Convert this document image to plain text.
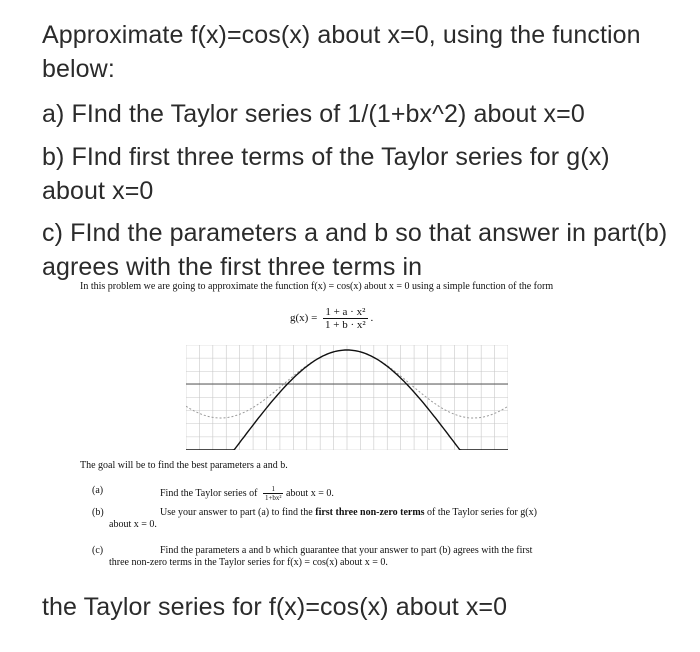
Approximate f(x)=cos(x) about x=0, using the function below:
a) FInd the Taylor series of 1/(1+bx^2) about x=0
b) FInd first three terms of the Taylor series for g(x) about x=0
c) FInd the parameters a and b so that answer in part(b) agrees with the first three terms in
In this problem we are going to approximate the function f(x) = cos(x) about x = 0 using a simple function of the form
$g(x) = \frac{\text{1 + a · x²}}{\text{1 + b · x²}}$ .
The goal will be to find the best parameters a and b.
(a)	Find the Taylor series of $\frac{1}{\text{1+bx²}}$ about x = 0.
(b)	Use your answer to part (a) to find the first three non-zero terms of the Taylor series for g(x)
about x = 0.
(c)	Find the parameters a and b which guarantee that your answer to part (b) agrees with the first
three non-zero terms in the Taylor series for f(x) = cos(x) about x = 0.
the Taylor series for f(x)=cos(x) about x=0
